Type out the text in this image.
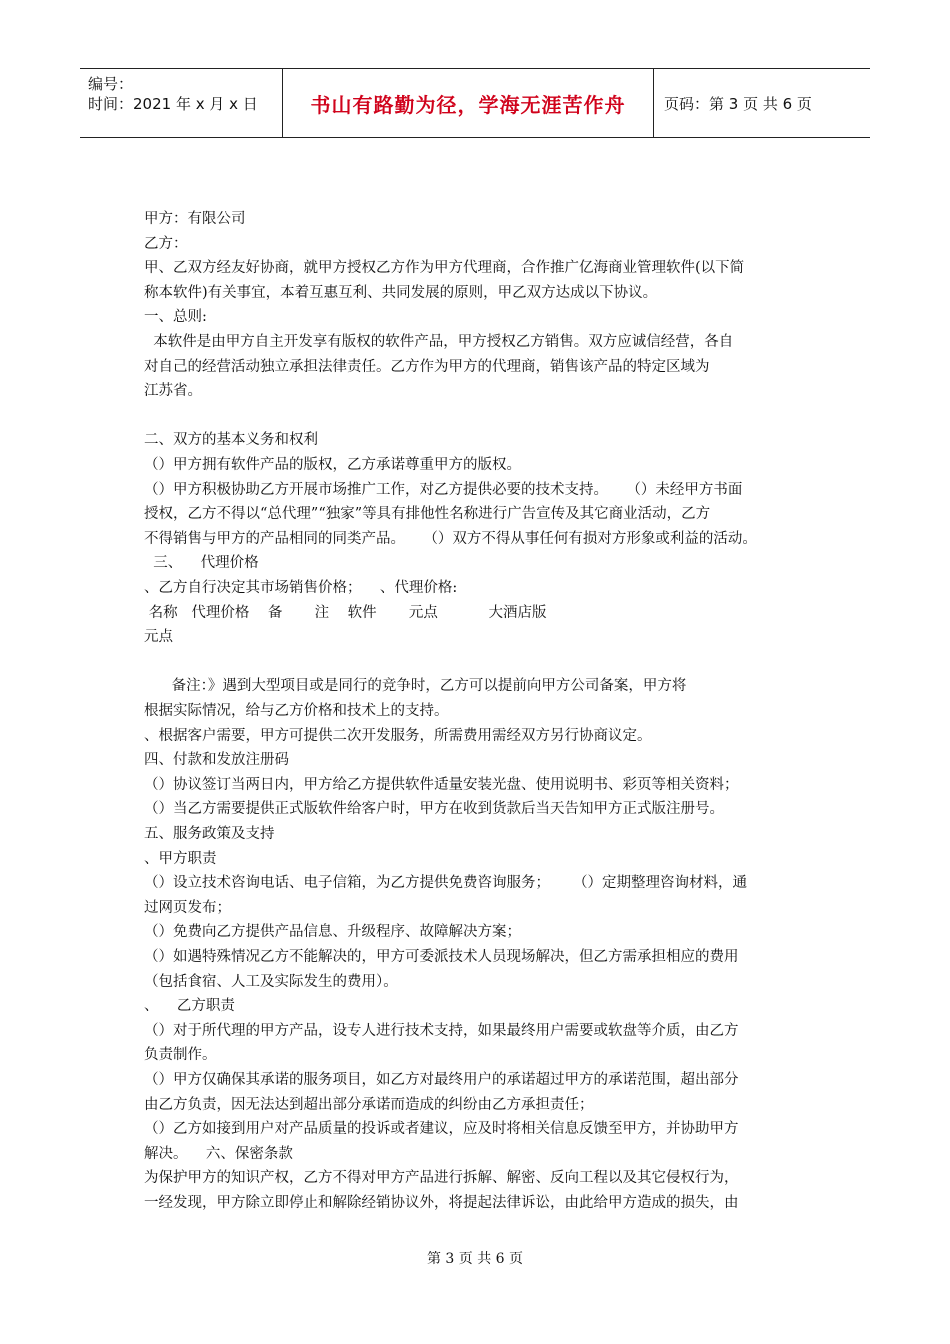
编号：
时间：2021 年 x 月 x 日	书山有路勤为径，学海无涯苦作舟	页码：第 3 页 共 6 页
甲方：有限公司
乙方：
甲、乙双方经友好协商，就甲方授权乙方作为甲方代理商，合作推广亿海商业管理软件(以下简
称本软件)有关事宜，本着互惠互利、共同发展的原则，甲乙双方达成以下协议。
一、总则:
本软件是由甲方自主开发享有版权的软件产品，甲方授权乙方销售。双方应诚信经营，各自
对自己的经营活动独立承担法律责任。乙方作为甲方的代理商，销售该产品的特定区域为
江苏省。
二、双方的基本义务和权利
（）甲方拥有软件产品的版权，乙方承诺尊重甲方的版权。
（）甲方积极协助乙方开展市场推广工作，对乙方提供必要的技术支持。    （）未经甲方书面
授权，乙方不得以“总代理”“独家”等具有排他性名称进行广告宣传及其它商业活动，乙方
不得销售与甲方的产品相同的同类产品。    （）双方不得从事任何有损对方形象或利益的活动。
三、    代理价格
、乙方自行决定其市场销售价格；    、代理价格:
名称   代理价格    备       注    软件       元点           大酒店版
元点
备注：》遇到大型项目或是同行的竞争时，乙方可以提前向甲方公司备案，甲方将
根据实际情况，给与乙方价格和技术上的支持。
、根据客户需要，甲方可提供二次开发服务，所需费用需经双方另行协商议定。
四、付款和发放注册码
（）协议签订当两日内，甲方给乙方提供软件适量安装光盘、使用说明书、彩页等相关资料；
（）当乙方需要提供正式版软件给客户时，甲方在收到货款后当天告知甲方正式版注册号。
五、服务政策及支持
、甲方职责
（）设立技术咨询电话、电子信箱，为乙方提供免费咨询服务；     （）定期整理咨询材料，通
过网页发布；
（）免费向乙方提供产品信息、升级程序、故障解决方案；
（）如遇特殊情况乙方不能解决的，甲方可委派技术人员现场解决，但乙方需承担相应的费用
（包括食宿、人工及实际发生的费用）。
、    乙方职责
（）对于所代理的甲方产品，设专人进行技术支持，如果最终用户需要或软盘等介质，由乙方
负责制作。
（）甲方仅确保其承诺的服务项目，如乙方对最终用户的承诺超过甲方的承诺范围，超出部分
由乙方负责，因无法达到超出部分承诺而造成的纠纷由乙方承担责任；
（）乙方如接到用户对产品质量的投诉或者建议，应及时将相关信息反馈至甲方，并协助甲方
解决。    六、保密条款
为保护甲方的知识产权，乙方不得对甲方产品进行拆解、解密、反向工程以及其它侵权行为，
一经发现，甲方除立即停止和解除经销协议外，将提起法律诉讼，由此给甲方造成的损失，由
第 3 页 共 6 页
